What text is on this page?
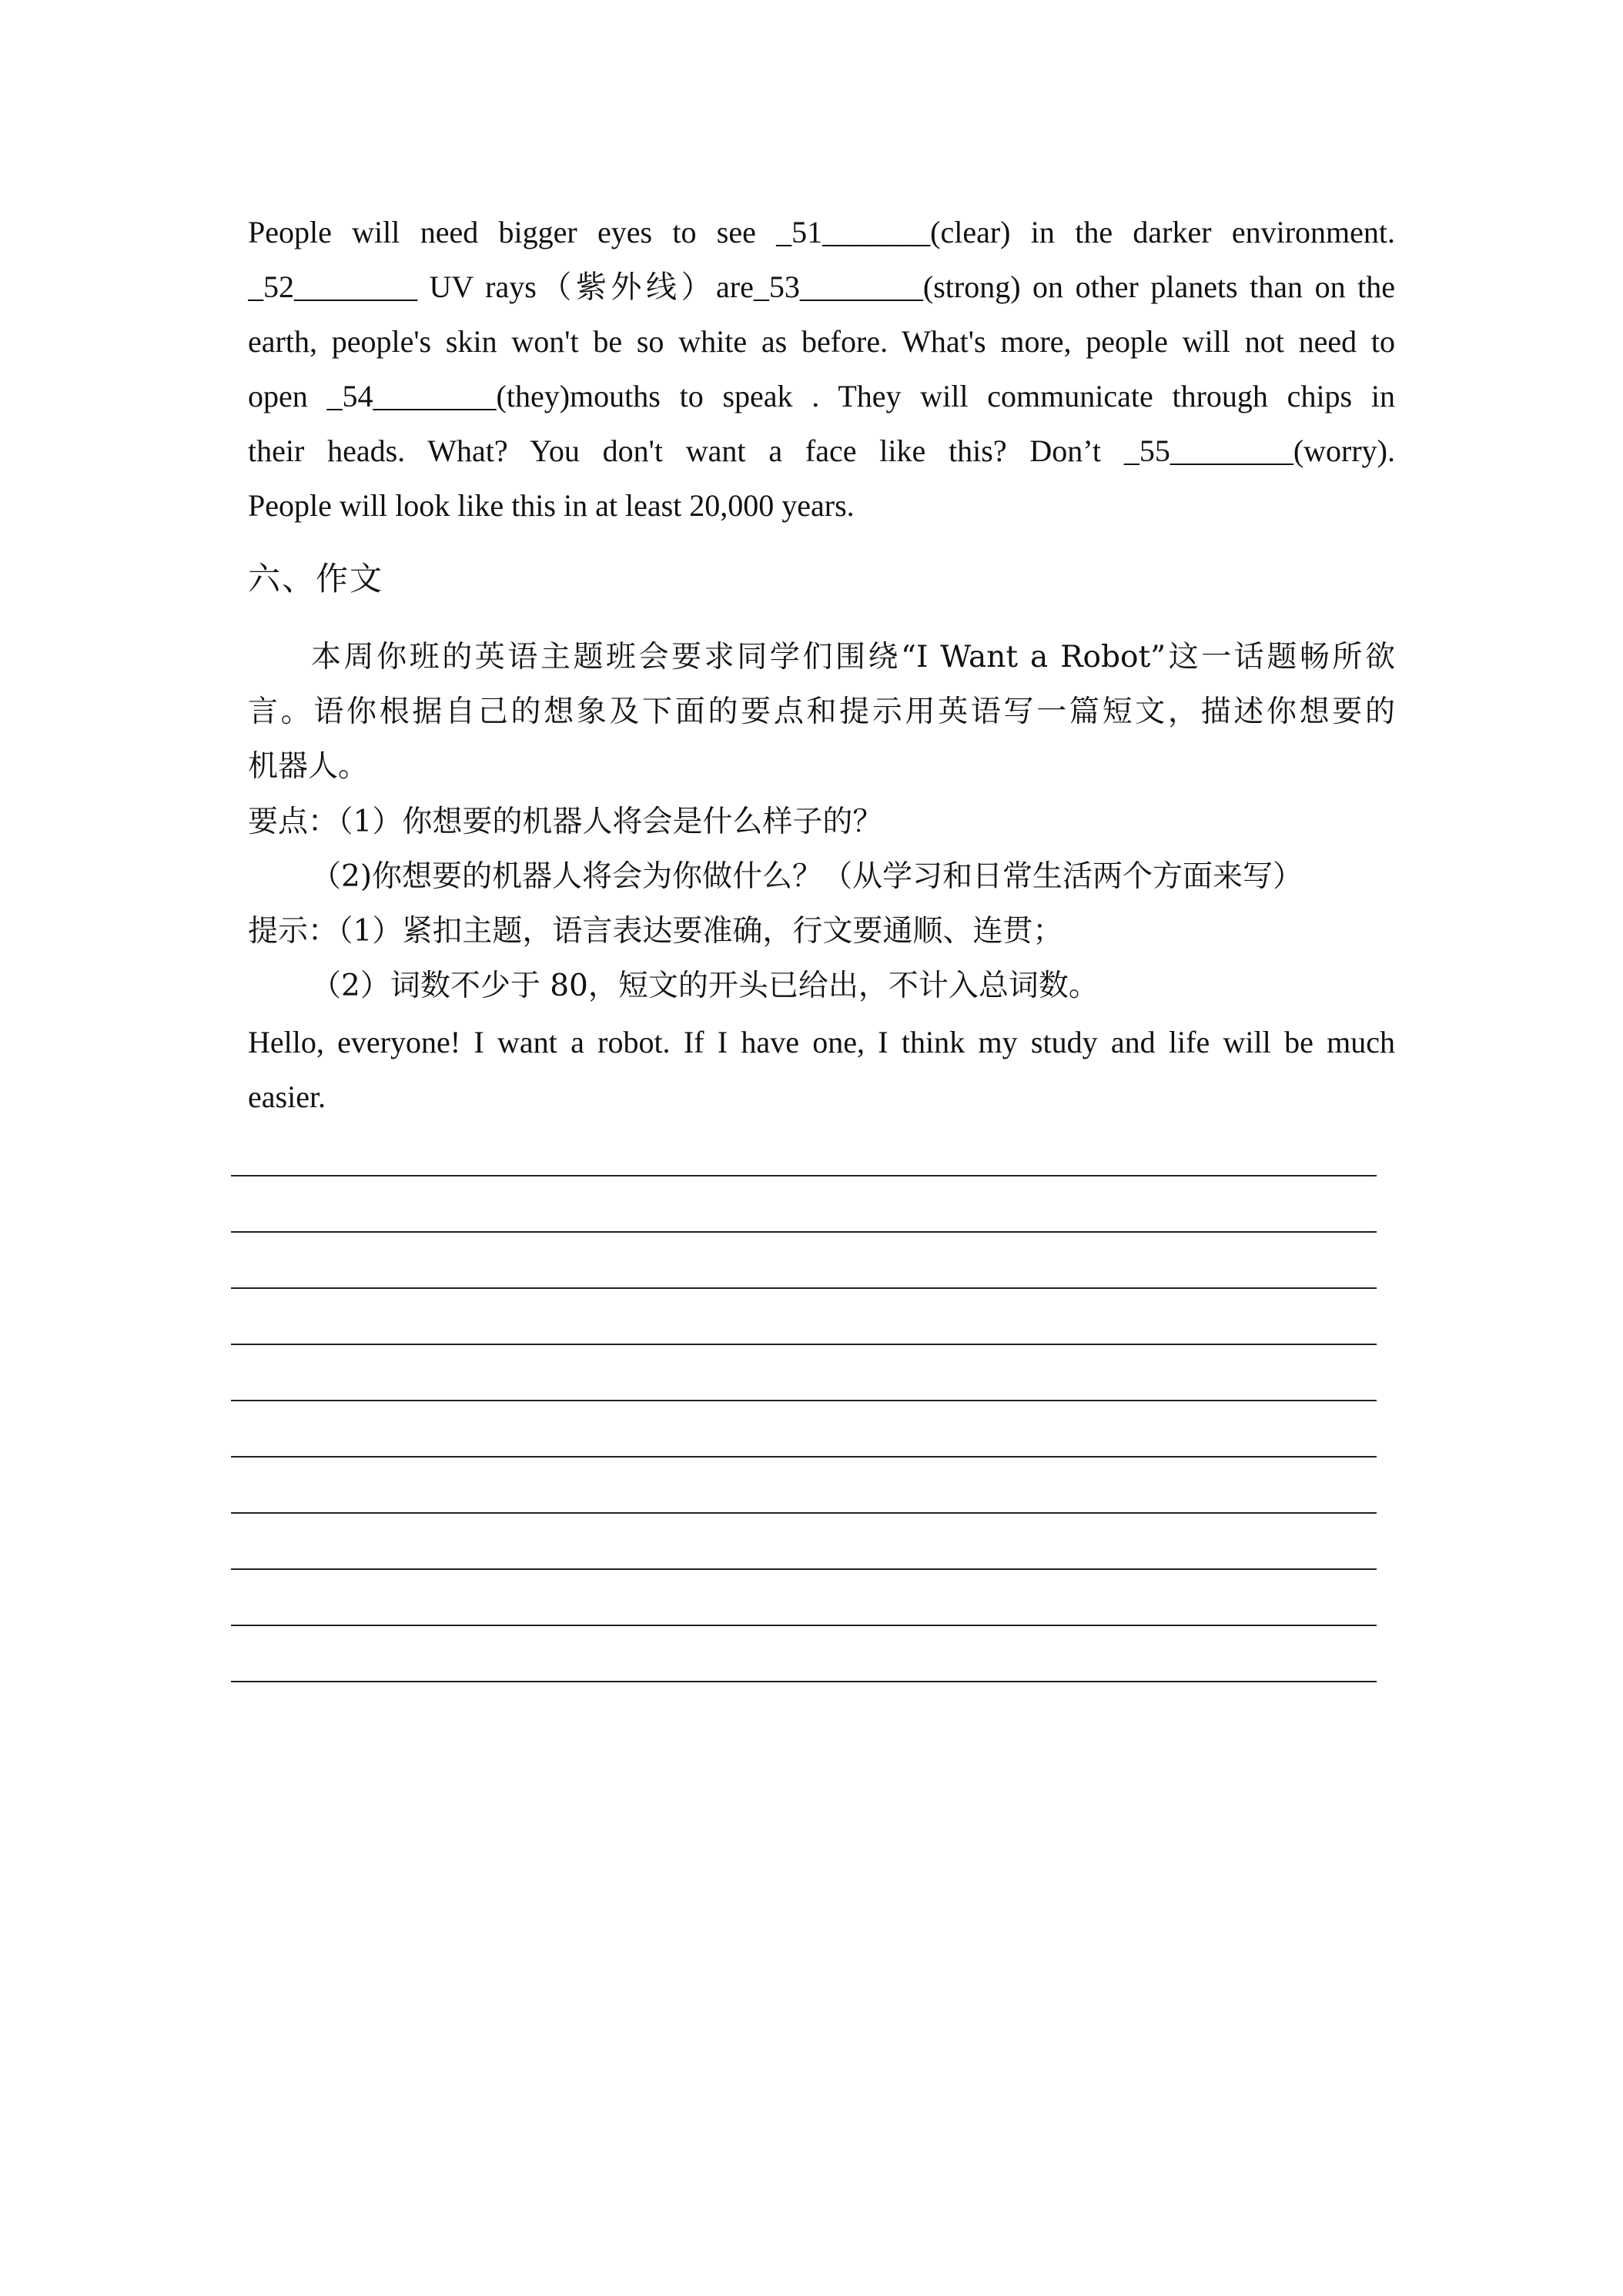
People will need bigger eyes to see _51_______(clear) in the darker environment.
_52________ UV rays（紫外线）are_53________(strong) on other planets than on the
earth, people's skin won't be so white as before. What's more, people will not need to
open _54________(they)mouths to speak . They will communicate through chips in
their heads. What? You don't want a face like this? Don’t _55________(worry).
People will look like this in at least 20,000 years.
六、作文
本周你班的英语主题班会要求同学们围绕“I Want a Robot”这一话题畅所欲
言。语你根据自己的想象及下面的要点和提示用英语写一篇短文，描述你想要的
机器人。
要点：（1）你想要的机器人将会是什么样子的？
（2)你想要的机器人将会为你做什么？（从学习和日常生活两个方面来写）
提示：（1）紧扣主题，语言表达要准确，行文要通顺、连贯；
（2）词数不少于 80，短文的开头已给出，不计入总词数。
Hello, everyone! I want a robot. If I have one, I think my study and life will be much
easier.
